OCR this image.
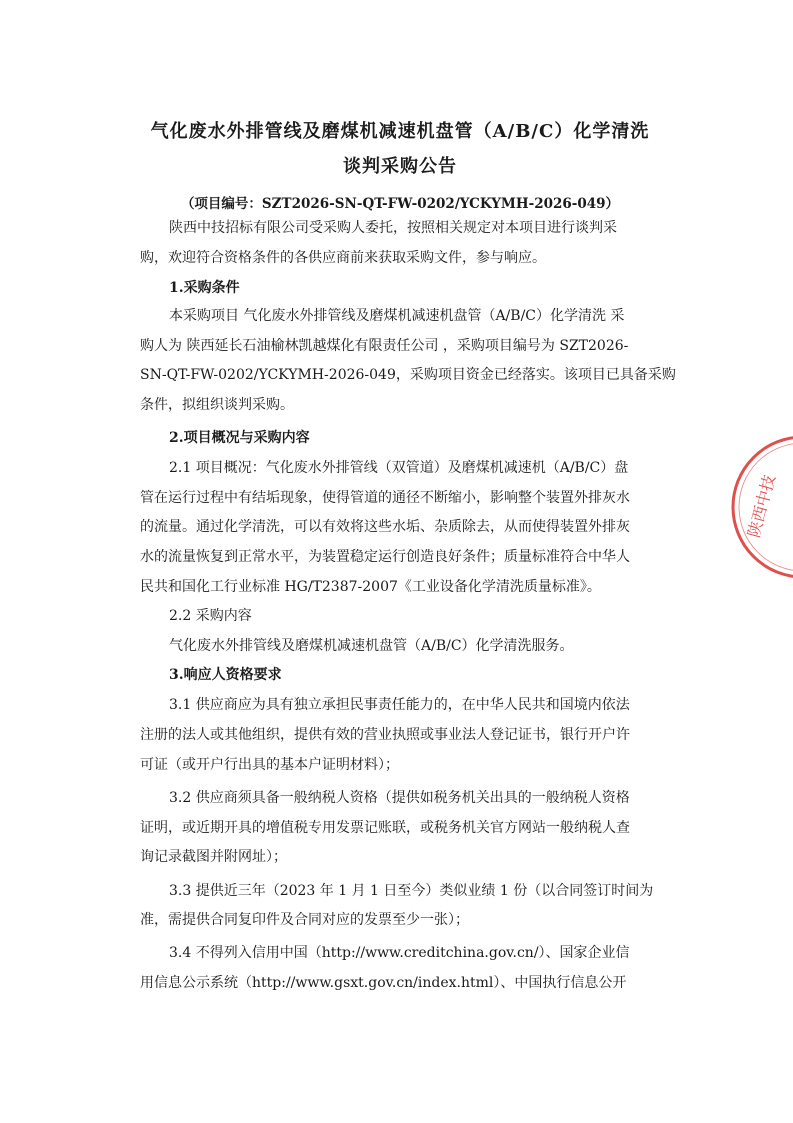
气化废水外排管线及磨煤机减速机盘管（A/B/C）化学清洗
谈判采购公告
（项目编号：SZT2026-SN-QT-FW-0202/YCKYMH-2026-049）
陕西中技招标有限公司受采购人委托，按照相关规定对本项目进行谈判采
购，欢迎符合资格条件的各供应商前来获取采购文件，参与响应。
1.采购条件
本采购项目 气化废水外排管线及磨煤机减速机盘管（A/B/C）化学清洗 采
购人为 陕西延长石油榆林凯越煤化有限责任公司 ，采购项目编号为 SZT2026-
SN-QT-FW-0202/YCKYMH-2026-049，采购项目资金已经落实。该项目已具备采购
条件，拟组织谈判采购。
2.项目概况与采购内容
2.1 项目概况：气化废水外排管线（双管道）及磨煤机减速机（A/B/C）盘
管在运行过程中有结垢现象，使得管道的通径不断缩小，影响整个装置外排灰水
的流量。通过化学清洗，可以有效将这些水垢、杂质除去，从而使得装置外排灰
水的流量恢复到正常水平，为装置稳定运行创造良好条件；质量标准符合中华人
民共和国化工行业标准 HG/T2387-2007《工业设备化学清洗质量标准》。
2.2 采购内容
气化废水外排管线及磨煤机减速机盘管（A/B/C）化学清洗服务。
3.响应人资格要求
3.1 供应商应为具有独立承担民事责任能力的，在中华人民共和国境内依法
注册的法人或其他组织，提供有效的营业执照或事业法人登记证书，银行开户许
可证（或开户行出具的基本户证明材料）；
3.2 供应商须具备一般纳税人资格（提供如税务机关出具的一般纳税人资格
证明，或近期开具的增值税专用发票记账联，或税务机关官方网站一般纳税人查
询记录截图并附网址）；
3.3 提供近三年（2023 年 1 月 1 日至今）类似业绩 1 份（以合同签订时间为
准，需提供合同复印件及合同对应的发票至少一张）；
3.4 不得列入信用中国（http://www.creditchina.gov.cn/）、国家企业信
用信息公示系统（http://www.gsxt.gov.cn/index.html）、中国执行信息公开
陕西中技
